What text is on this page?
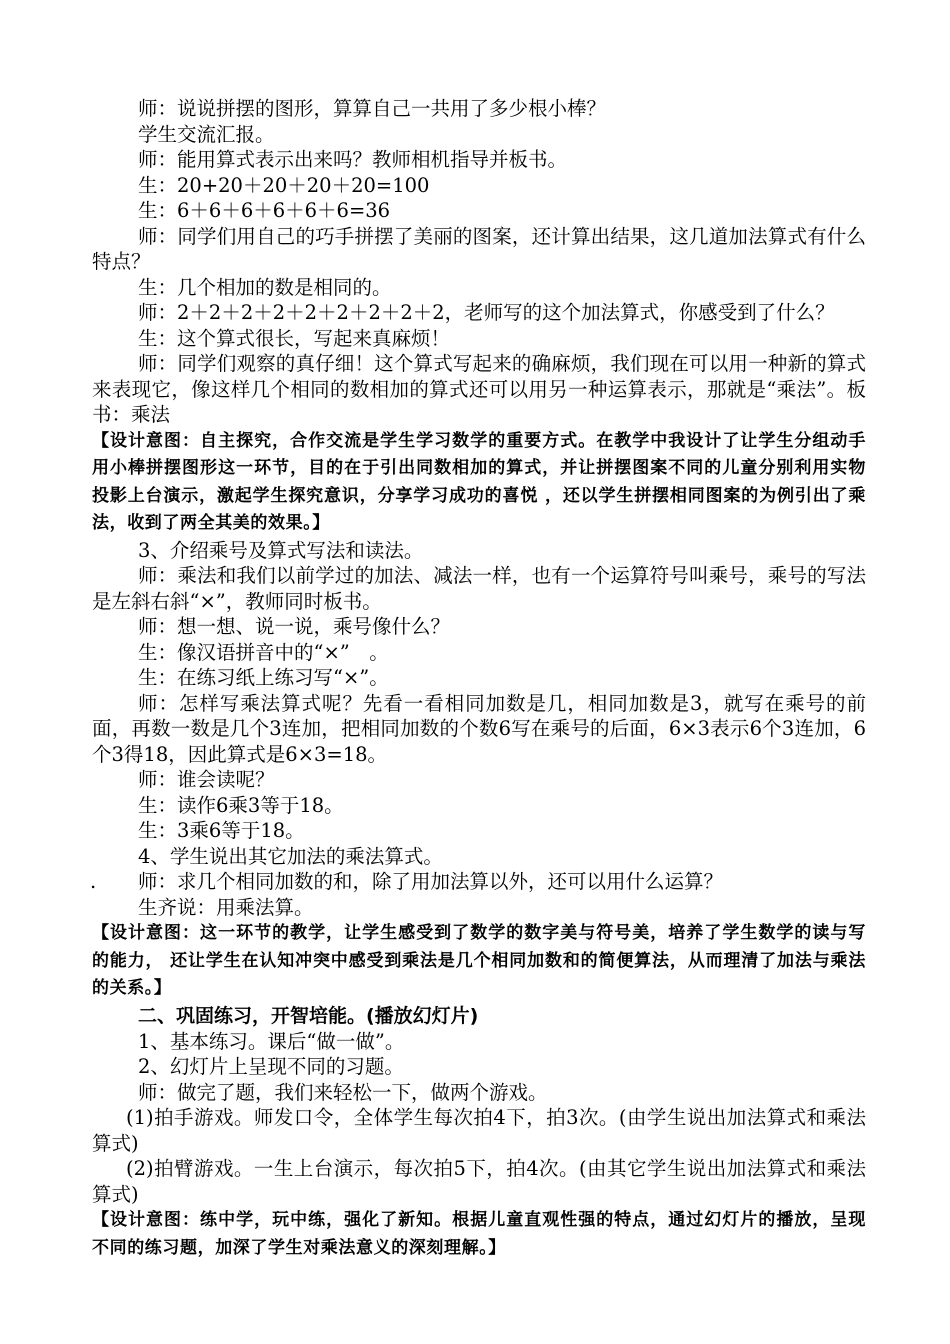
师：说说拼摆的图形，算算自己一共用了多少根小棒？

学生交流汇报。

师：能用算式表示出来吗？教师相机指导并板书。

生：20+20＋20＋20＋20=100

生：6＋6＋6＋6＋6＋6=36

师：同学们用自己的巧手拼摆了美丽的图案，还计算出结果，这几道加法算式有什么特点？

生：几个相加的数是相同的。

师：2＋2＋2＋2＋2＋2＋2＋2＋2，老师写的这个加法算式，你感受到了什么？

生：这个算式很长，写起来真麻烦！

师：同学们观察的真仔细！这个算式写起来的确麻烦，我们现在可以用一种新的算式来表现它，像这样几个相同的数相加的算式还可以用另一种运算表示，那就是“乘法”。板书：乘法

【设计意图：自主探究，合作交流是学生学习数学的重要方式。在教学中我设计了让学生分组动手用小棒拼摆图形这一环节，目的在于引出同数相加的算式，并让拼摆图案不同的儿童分别利用实物投影上台演示，激起学生探究意识，分享学习成功的喜悦 ，还以学生拼摆相同图案的为例引出了乘法，收到了两全其美的效果。】

3、介绍乘号及算式写法和读法。

师：乘法和我们以前学过的加法、减法一样，也有一个运算符号叫乘号，乘号的写法是左斜右斜“×”，教师同时板书。

师：想一想、说一说，乘号像什么？

生：像汉语拼音中的“×”　。

生：在练习纸上练习写“×”。

师：怎样写乘法算式呢？先看一看相同加数是几，相同加数是3，就写在乘号的前面，再数一数是几个3连加，把相同加数的个数6写在乘号的后面，6×3表示6个3连加，6个3得18，因此算式是6×3=18。

师：谁会读呢？

生：读作6乘3等于18。

生：3乘6等于18。

4、学生说出其它加法的乘法算式。

. 师：求几个相同加数的和，除了用加法算以外，还可以用什么运算？

生齐说：用乘法算。

【设计意图：这一环节的教学，让学生感受到了数学的数字美与符号美，培养了学生数学的读与写的能力， 还让学生在认知冲突中感受到乘法是几个相同加数和的简便算法，从而理清了加法与乘法的关系。】

二、巩固练习，开智培能。(播放幻灯片)

1、基本练习。课后“做一做”。

2、幻灯片上呈现不同的习题。

师：做完了题，我们来轻松一下，做两个游戏。

(1)拍手游戏。师发口令，全体学生每次拍4下，拍3次。(由学生说出加法算式和乘法算式)

(2)拍臂游戏。一生上台演示，每次拍5下，拍4次。(由其它学生说出加法算式和乘法算式)

【设计意图：练中学，玩中练，强化了新知。根据儿童直观性强的特点，通过幻灯片的播放，呈现不同的练习题，加深了学生对乘法意义的深刻理解。】
